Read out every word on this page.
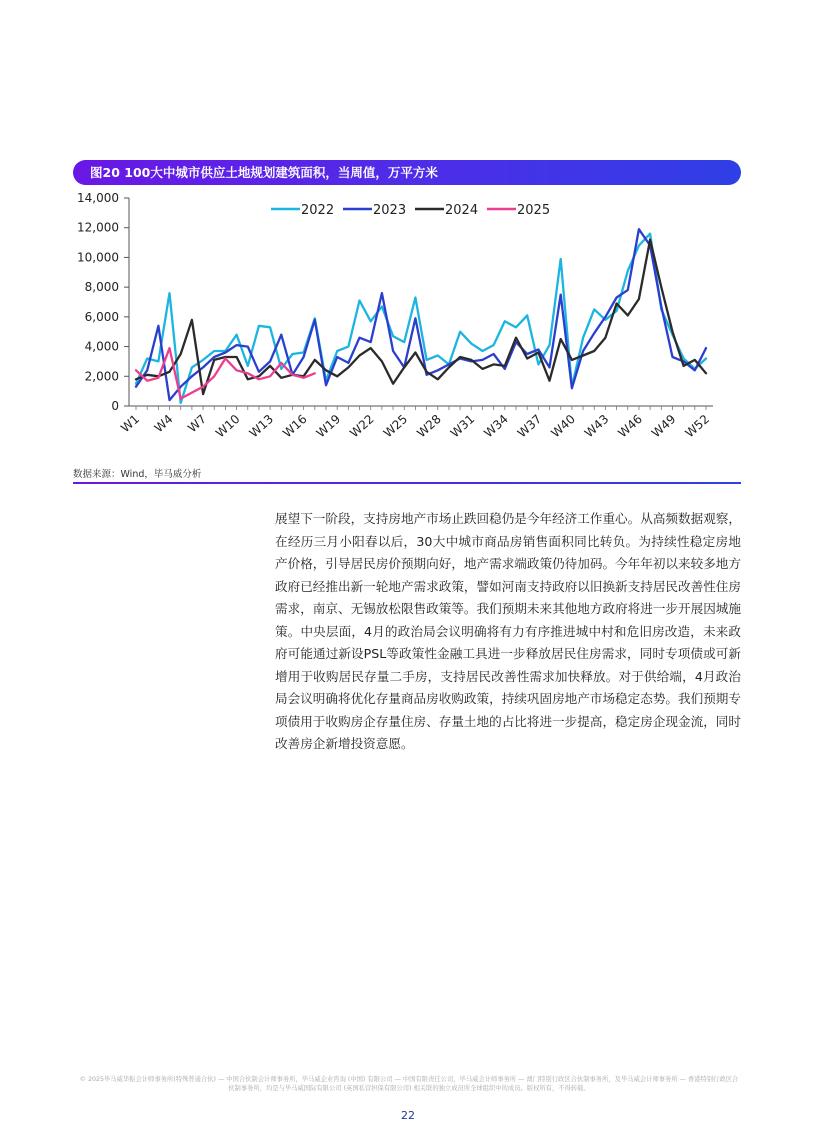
图20 100大中城市供应土地规划建筑面积，当周值，万平方米
0
2,000
4,000
6,000
8,000
10,000
12,000
14,000
W1 W4 W7 W10 W13 W16 W19 W22 W25 W28 W31 W34 W37 W40 W43 W46 W49 W52
2022	2023	2024	2025
数据来源：Wind，毕马威分析
展望下一阶段，支持房地产市场止跌回稳仍是今年经济工作重心。从高频数据观察，在经历三月小阳春以后，30大中城市商品房销售面积同比转负。为持续性稳定房地产价格，引导居民房价预期向好，地产需求端政策仍待加码。今年年初以来较多地方政府已经推出新一轮地产需求政策，譬如河南支持政府以旧换新支持居民改善性住房需求，南京、无锡放松限售政策等。我们预期未来其他地方政府将进一步开展因城施策。中央层面，4月的政治局会议明确将有力有序推进城中村和危旧房改造，未来政府可能通过新设PSL等政策性金融工具进一步释放居民住房需求，同时专项债或可新增用于收购居民存量二手房，支持居民改善性需求加快释放。对于供给端，4月政治局会议明确将优化存量商品房收购政策，持续巩固房地产市场稳定态势。我们预期专项债用于收购房企存量住房、存量土地的占比将进一步提高，稳定房企现金流，同时改善房企新增投资意愿。
© 2025毕马威华振会计师事务所(特殊普通合伙) — 中国合伙制会计师事务所，毕马威企业咨询 (中国) 有限公司 — 中国有限责任公司，毕马威会计师事务所 — 澳门特别行政区合伙制事务所，及毕马威会计师事务所 — 香港特别行政区合伙制事务所，均是与毕马威国际有限公司 (英国私营担保有限公司) 相关联的独立成员所全球组织中的成员。版权所有，不得转载。
22
